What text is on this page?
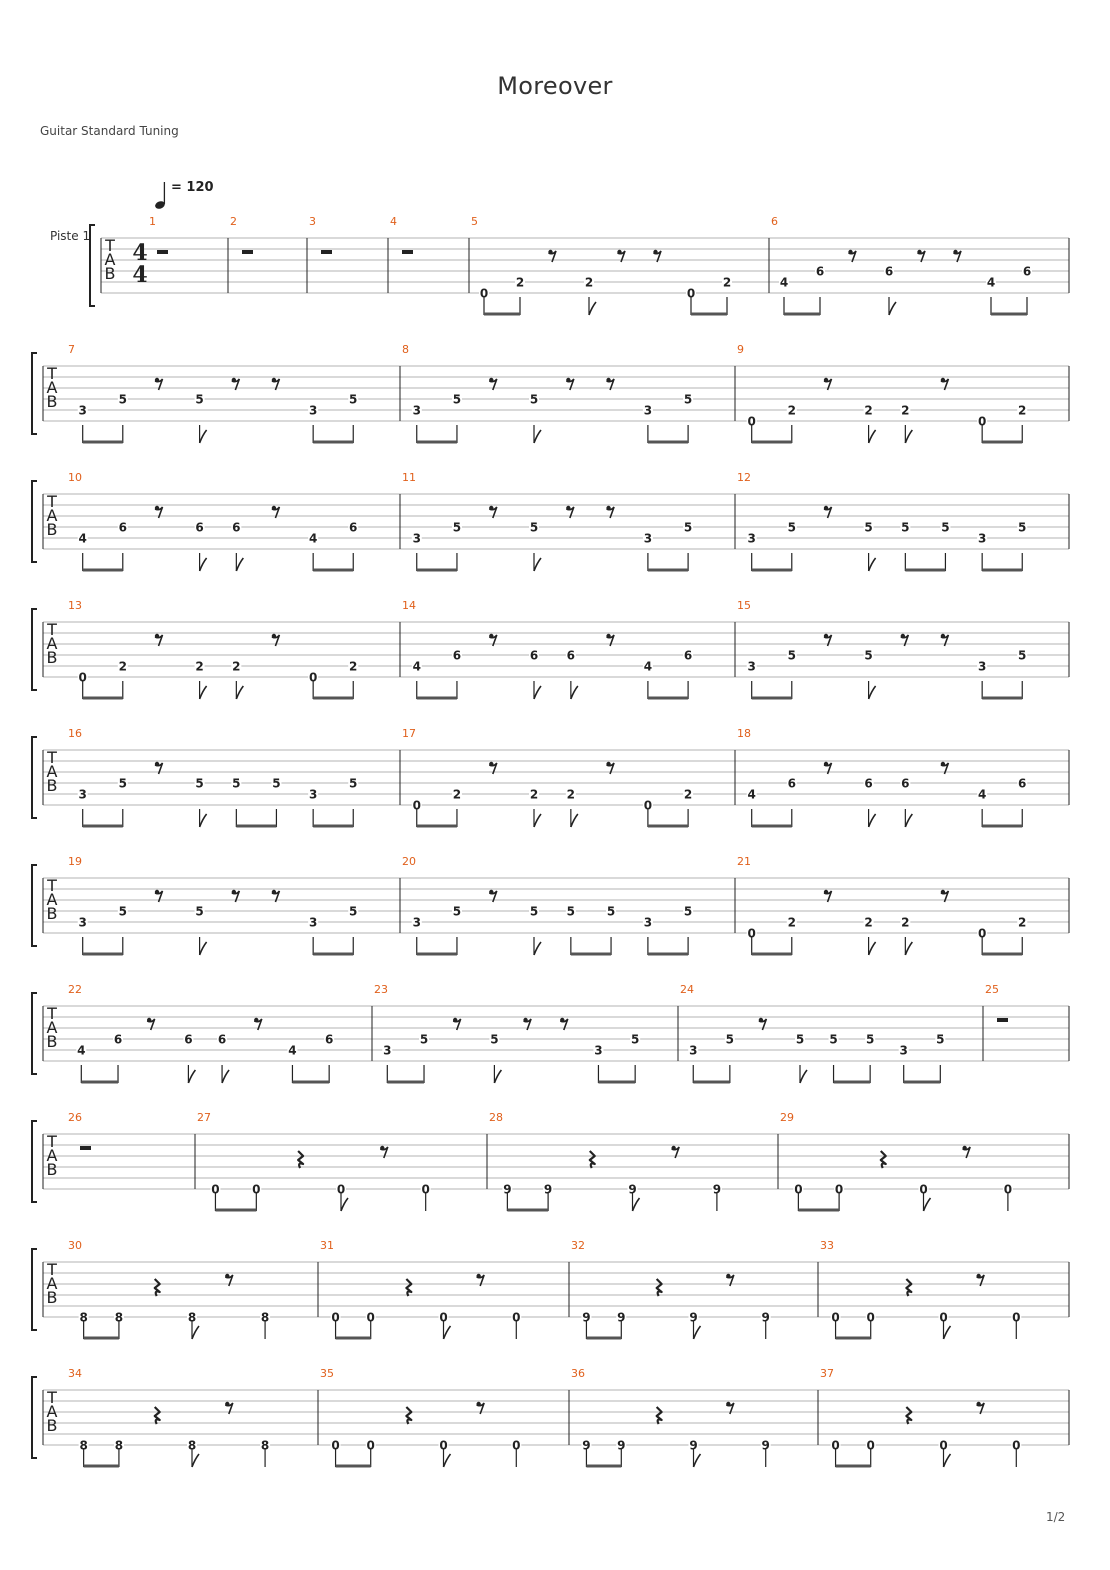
Moreover
Guitar Standard Tuning
= 120
Piste 1
1/2
T
A
B
4
4
1	2	3	4	5
0
2	2
0
2
6
4
6	6
4
6
T
A
B
7
3
5	5
3
5
8
3
5	5
3
5
9
0
2	2 2
0
2
T
A
B
10
4
6	6 6
4
6
11
3
5	5
3
5
12
3
5	5 5	5
3
5
T
A
B
13
0
2	2 2
0
2
14
4
6	6 6
4
6
15
3
5	5
3
5
T
A
B
16
3
5	5 5	5
3
5
17
0
2	2 2
0
2
18
4
6	6 6
4
6
T
A
B
19
3
5	5
3
5
20
3
5	5 5	5
3
5
21
0
2	2 2
0
2
T
A
B
22
4
6	6 6
4
6
23
3
5	5
3
5
24
3
5	5 5 5
3
5
25
T
A
B
26	27
0	0	0	0
28
9	9	9	9
29
0	0	0	0
T
A
B
30
8 8	8	8
31
0 0	0	0
32
9 9	9	9
33
0 0	0	0
T
A
B
34
8 8	8	8
35
0 0	0	0
36
9 9	9	9
37
0 0	0	0
